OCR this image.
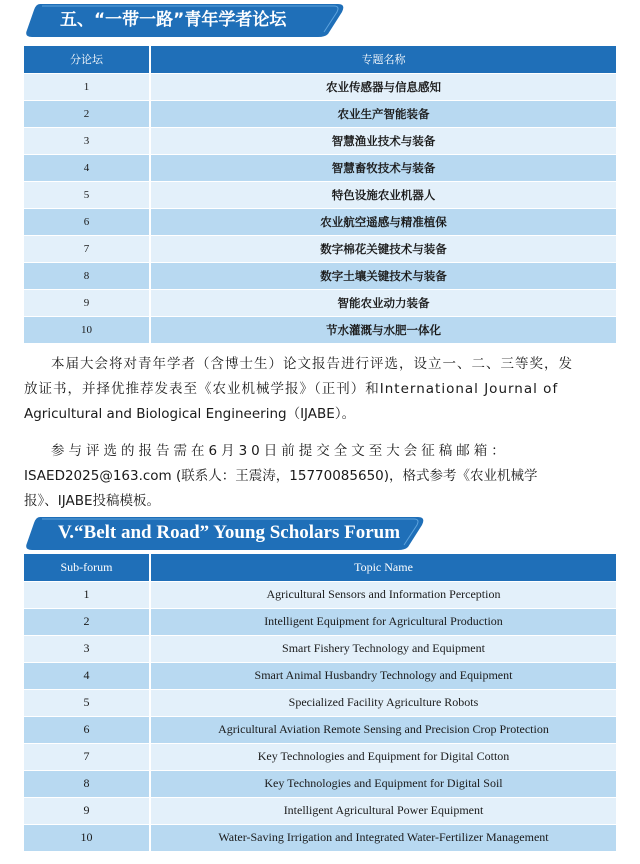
五、“一带一路”青年学者论坛
分论坛	专题名称
1	农业传感器与信息感知
2	农业生产智能装备
3	智慧渔业技术与装备
4	智慧畜牧技术与装备
5	特色设施农业机器人
6	农业航空遥感与精准植保
7	数字棉花关键技术与装备
8	数字土壤关键技术与装备
9	智能农业动力装备
10	节水灌溉与水肥一体化
本届大会将对青年学者（含博士生）论文报告进行评选，设立一、二、三等奖，发
放证书，并择优推荐发表至《农业机械学报》（正刊）和International Journal of
Agricultural and Biological Engineering（IJABE）。
参与评选的报告需在6月30日前提交全文至大会征稿邮箱：
ISAED2025@163.com (联系人：王震涛，15770085650)，格式参考《农业机械学
报》、IJABE投稿模板。
V.“Belt and Road” Young Scholars Forum
Sub-forum	Topic Name
1	Agricultural Sensors and Information Perception
2	Intelligent Equipment for Agricultural Production
3	Smart Fishery Technology and Equipment
4	Smart Animal Husbandry Technology and Equipment
5	Specialized Facility Agriculture Robots
6	Agricultural Aviation Remote Sensing and Precision Crop Protection
7	Key Technologies and Equipment for Digital Cotton
8	Key Technologies and Equipment for Digital Soil
9	Intelligent Agricultural Power Equipment
10	Water-Saving Irrigation and Integrated Water-Fertilizer Management
